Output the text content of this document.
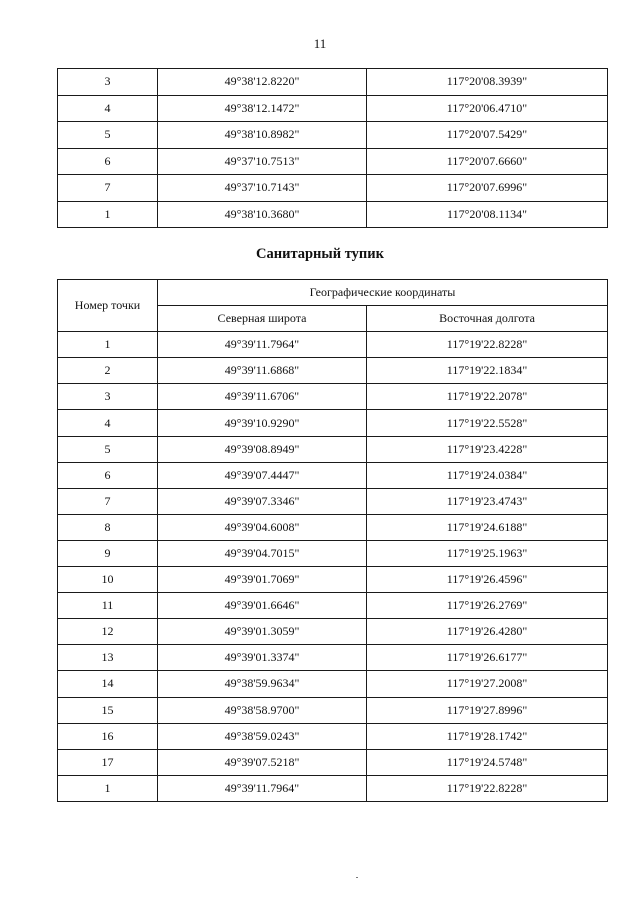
11
3	49°38'12.8220"	117°20'08.3939"
4	49°38'12.1472"	117°20'06.4710"
5	49°38'10.8982"	117°20'07.5429"
6	49°37'10.7513"	117°20'07.6660"
7	49°37'10.7143"	117°20'07.6996"
1	49°38'10.3680"	117°20'08.1134"
Санитарный тупик
Номер точки	Географические координаты	
	Северная широта	Восточная долгота
1	49°39'11.7964"	117°19'22.8228"
2	49°39'11.6868"	117°19'22.1834"
3	49°39'11.6706"	117°19'22.2078"
4	49°39'10.9290"	117°19'22.5528"
5	49°39'08.8949"	117°19'23.4228"
6	49°39'07.4447"	117°19'24.0384"
7	49°39'07.3346"	117°19'23.4743"
8	49°39'04.6008"	117°19'24.6188"
9	49°39'04.7015"	117°19'25.1963"
10	49°39'01.7069"	117°19'26.4596"
11	49°39'01.6646"	117°19'26.2769"
12	49°39'01.3059"	117°19'26.4280"
13	49°39'01.3374"	117°19'26.6177"
14	49°38'59.9634"	117°19'27.2008"
15	49°38'58.9700"	117°19'27.8996"
16	49°38'59.0243"	117°19'28.1742"
17	49°39'07.5218"	117°19'24.5748"
1	49°39'11.7964"	117°19'22.8228"
